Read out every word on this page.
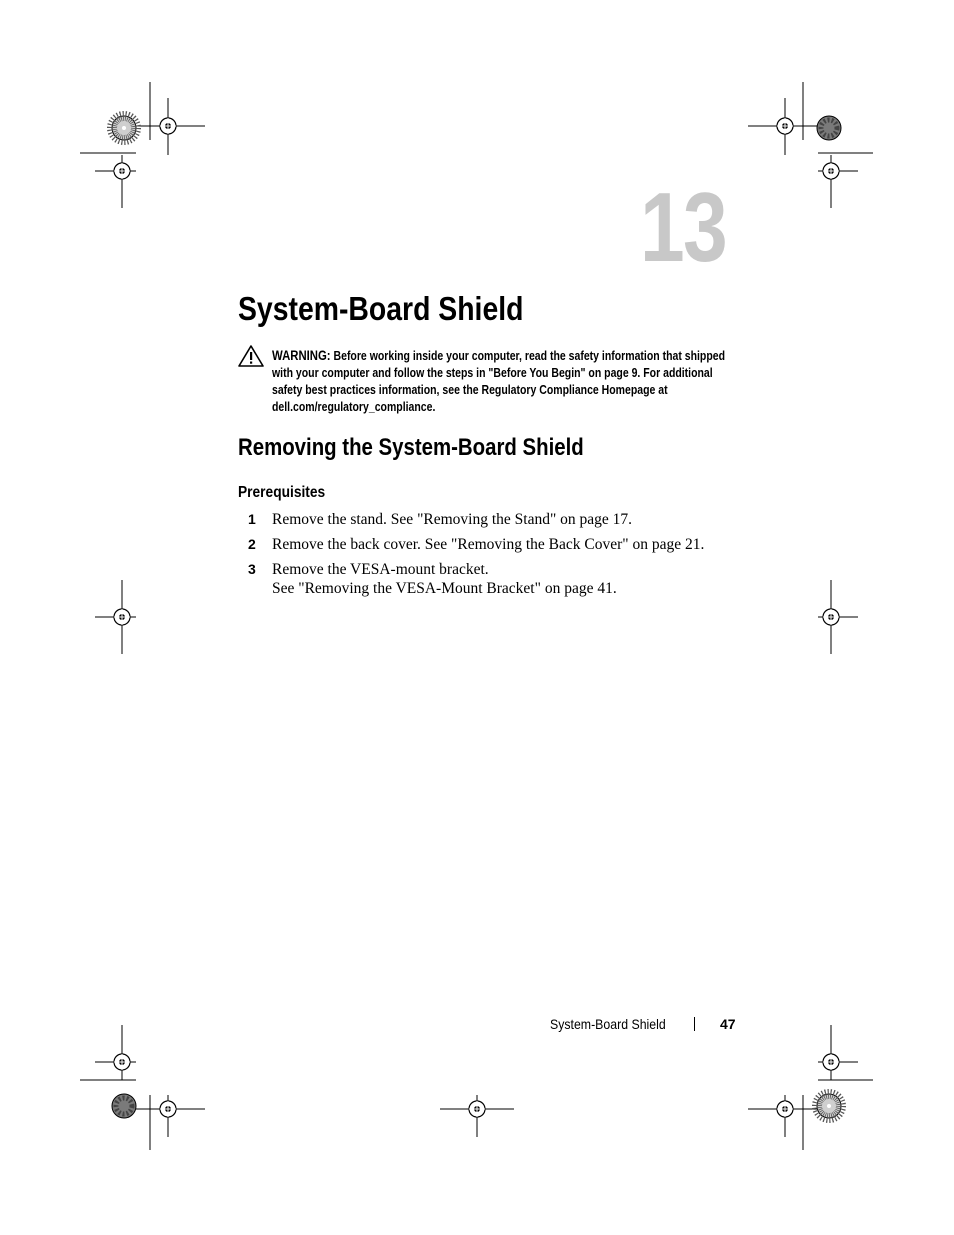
13
System-Board Shield
WARNING: Before working inside your computer, read the safety information that shipped with your computer and follow the steps in "Before You Begin" on page 9. For additional safety best practices information, see the Regulatory Compliance Homepage at dell.com/regulatory_compliance.
Removing the System-Board Shield
Prerequisites
1 Remove the stand. See "Removing the Stand" on page 17.
2 Remove the back cover. See "Removing the Back Cover" on page 21.
3 Remove the VESA-mount bracket.
See "Removing the VESA-Mount Bracket" on page 41.
System-Board Shield	47
